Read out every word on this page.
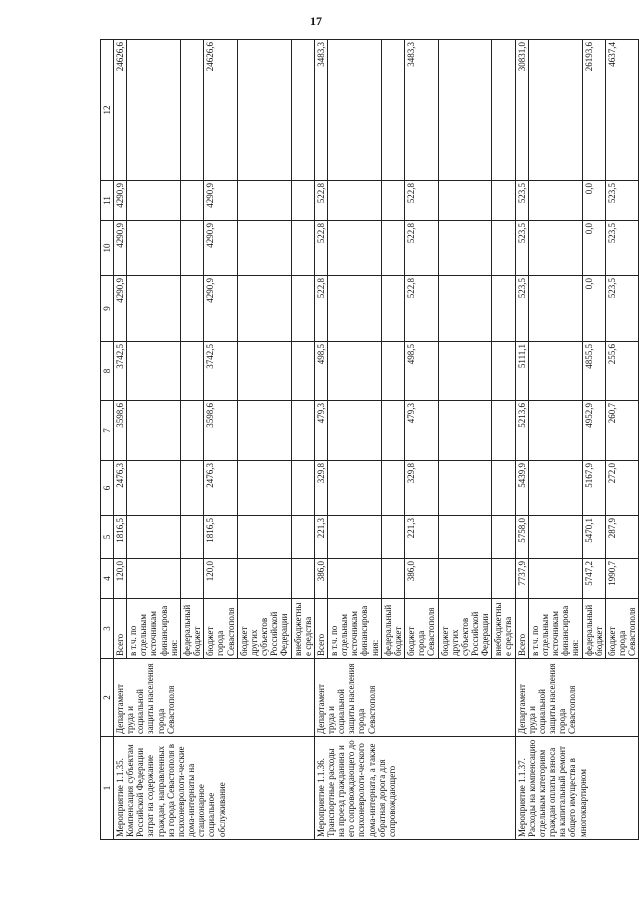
17
1	2	3	4	5	6	7	8	9	10	11	12
Мероприятие 1.1.35. Компенсация субъектам Российской Федерации затрат на содержание граждан, направленных из города Севастополя в психоневрологи-ческие дома-интернаты на стационарное социальное обслуживание	Департамент труда и социальной защиты населения города Севастополя	Всего	120,0	1816,5	2476,3	3598,6	3742,5	4290,9	4290,9	4290,9	24626,6
		в т.ч. по отдельным источникам финансирования:									
		федеральный бюджет									
		бюджет города Севастополя	120,0	1816,5	2476,3	3598,6	3742,5	4290,9	4290,9	4290,9	24626,6
		бюджет других субъектов Российской Федерации									
		внебюджетные средства									
Мероприятие 1.1.36. Транспортные расходы на проезд гражданина и его сопровождающего до психоневрологи-ческого дома-интерната, а также обратная дорога для сопровождающего	Департамент труда и социальной защиты населения города Севастополя	Всего	386,0	221,3	329,8	479,3	498,5	522,8	522,8	522,8	3483,3
		в т.ч. по отдельным источникам финансирования:									
		федеральный бюджет									
		бюджет города Севастополя	386,0	221,3	329,8	479,3	498,5	522,8	522,8	522,8	3483,3
		бюджет других субъектов Российской Федерации									
		внебюджетные средства									
Мероприятие 1.1.37. Расходы на компенсацию отдельным категориям граждан оплаты взноса на капитальный ремонт общего имущества в многоквартирном	Департамент труда и социальной защиты населения города Севастополя	Всего	7737,9	5758,0	5439,9	5213,6	5111,1	523,5	523,5	523,5	30831,0
		в т.ч. по отдельным источникам финансирования:									
		федеральный бюджет	5747,2	5470,1	5167,9	4952,9	4855,5	0,0	0,0	0,0	26193,6
		бюджет города Севастополя	1990,7	287,9	272,0	260,7	255,6	523,5	523,5	523,5	4637,4
